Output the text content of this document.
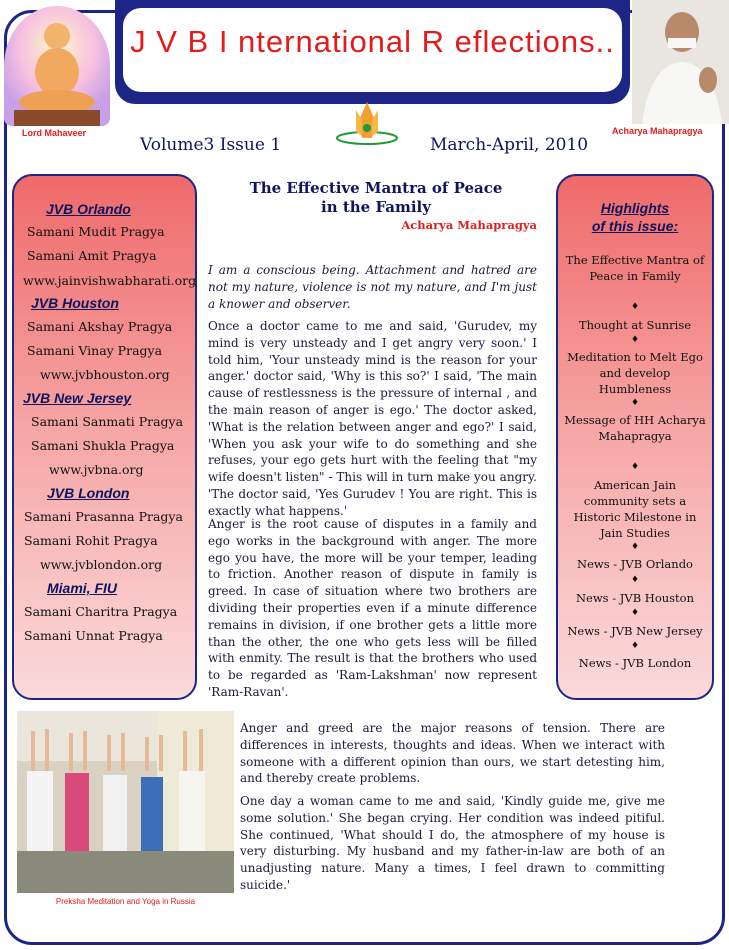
J V B I nternational R eflections..
Lord Mahaveer	Acharya Mahapragya
Volume3 Issue 1	March-April, 2010
JVB Orlando
Samani Mudit Pragya
Samani Amit Pragya
www.jainvishwabharati.org
JVB Houston
Samani Akshay Pragya
Samani Vinay Pragya
www.jvbhouston.org
JVB New Jersey
Samani Sanmati Pragya
Samani Shukla Pragya
www.jvbna.org
JVB London
Samani Prasanna Pragya
Samani Rohit Pragya
www.jvblondon.org
Miami, FIU
Samani Charitra Pragya
Samani Unnat Pragya
Highlights
of this issue:
The Effective Mantra of Peace in Family
♦
Thought at Sunrise
♦
Meditation to Melt Ego and develop Humbleness
♦
Message of HH Acharya Mahapragya
♦
American Jain community sets a Historic Milestone in Jain Studies
♦
News - JVB Orlando
♦
News - JVB Houston
♦
News - JVB New Jersey
♦
News - JVB London
The Effective Mantra of Peace
in the Family
Acharya Mahapragya
I am a conscious being. Attachment and hatred are not my nature, violence is not my nature, and I'm just a knower and observer.
Once a doctor came to me and said, 'Gurudev, my mind is very unsteady and I get angry very soon.' I told him, 'Your unsteady mind is the reason for your anger.' doctor said, 'Why is this so?' I said, 'The main cause of restlessness is the pressure of internal , and the main reason of anger is ego.' The doctor asked, 'What is the relation between anger and ego?' I said, 'When you ask your wife to do something and she refuses, your ego gets hurt with the feeling that "my wife doesn't listen" - This will in turn make you angry. 'The doctor said, 'Yes Gurudev ! You are right. This is exactly what happens.'
Anger is the root cause of disputes in a family and ego works in the background with anger. The more ego you have, the more will be your temper, leading to friction. Another reason of dispute in family is greed. In case of situation where two brothers are dividing their properties even if a minute difference remains in division, if one brother gets a little more than the other, the one who gets less will be filled with enmity. The result is that the brothers who used to be regarded as 'Ram-Lakshman' now represent 'Ram-Ravan'.
Anger and greed are the major reasons of tension. There are differences in interests, thoughts and ideas. When we interact with someone with a different opinion than ours, we start detesting him, and thereby create problems.
One day a woman came to me and said, 'Kindly guide me, give me some solution.' She began crying. Her condition was indeed pitiful. She continued, 'What should I do, the atmosphere of my house is very disturbing. My husband and my father-in-law are both of an unadjusting nature. Many a times, I feel drawn to committing suicide.'
Preksha Meditation and Yoga in Russia
